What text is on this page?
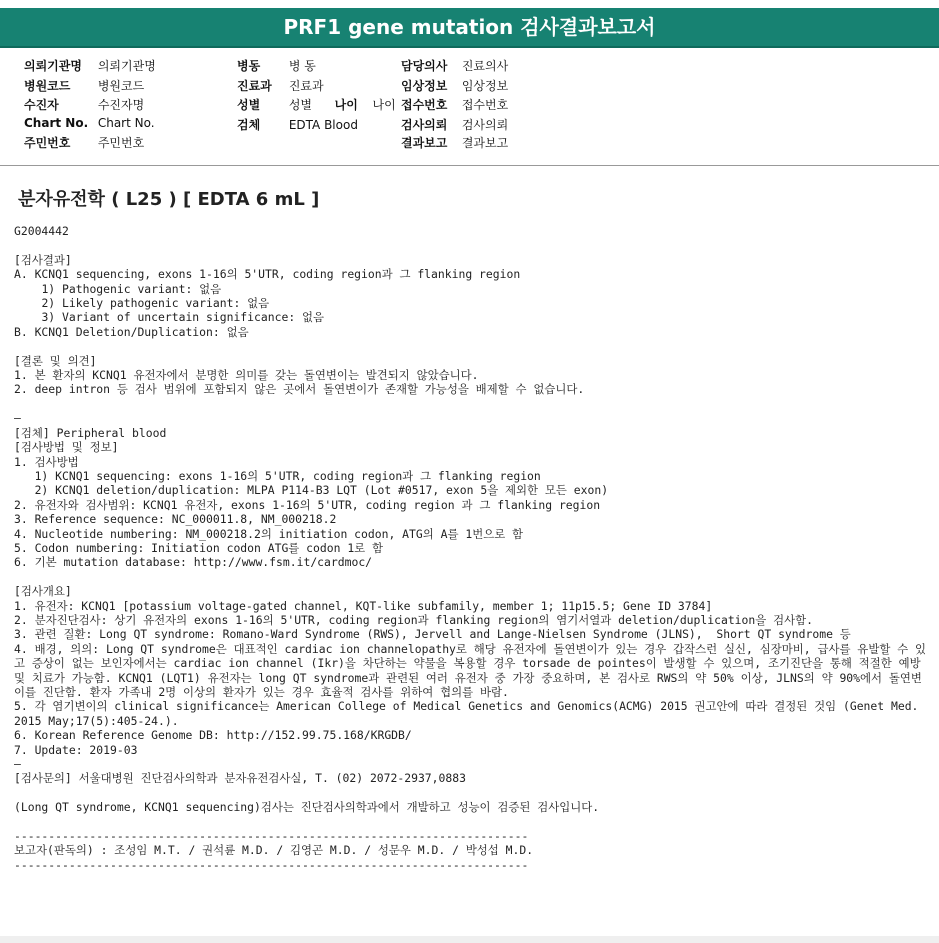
PRF1 gene mutation 검사결과보고서
의뢰기관명 의뢰기관명
병원코드 병원코드
수진자	수진자명
Chart No. Chart No.
주민번호 주민번호
병동 병 동
진료과 진료과
성별 성별 나이 나이
검체 EDTA Blood
담당의사 진료의사
임상정보 임상정보
접수번호 접수번호
검사의뢰 검사의뢰
결과보고 결과보고
분자유전학 ( L25 ) [ EDTA 6 mL ]
G2004442

[검사결과]
A. KCNQ1 sequencing, exons 1-16의 5'UTR, coding region과 그 flanking region
1) Pathogenic variant: 없음
2) Likely pathogenic variant: 없음
3) Variant of uncertain significance: 없음
B. KCNQ1 Deletion/Duplication: 없음

[결론 및 의견]
1. 본 환자의 KCNQ1 유전자에서 분명한 의미를 갖는 돌연변이는 발견되지 않았습니다.
2. deep intron 등 검사 범위에 포함되지 않은 곳에서 돌연변이가 존재할 가능성을 배제할 수 없습니다.

—
[검체] Peripheral blood
[검사방법 및 정보]
1. 검사방법
1) KCNQ1 sequencing: exons 1-16의 5'UTR, coding region과 그 flanking region
2) KCNQ1 deletion/duplication: MLPA P114-B3 LQT (Lot #0517, exon 5을 제외한 모든 exon)
2. 유전자와 검사범위: KCNQ1 유전자, exons 1-16의 5'UTR, coding region 과 그 flanking region
3. Reference sequence: NC_000011.8, NM_000218.2
4. Nucleotide numbering: NM_000218.2의 initiation codon, ATG의 A를 1번으로 함
5. Codon numbering: Initiation codon ATG를 codon 1로 함
6. 기본 mutation database: http://www.fsm.it/cardmoc/

[검사개요]
1. 유전자: KCNQ1 [potassium voltage-gated channel, KQT-like subfamily, member 1; 11p15.5; Gene ID 3784]
2. 분자진단검사: 상기 유전자의 exons 1-16의 5'UTR, coding region과 flanking region의 염기서열과 deletion/duplication을 검사함.
3. 관련 질환: Long QT syndrome: Romano-Ward Syndrome (RWS), Jervell and Lange-Nielsen Syndrome (JLNS),  Short QT syndrome 등
4. 배경, 의의: Long QT syndrome은 대표적인 cardiac ion channelopathy로 해당 유전자에 돌연변이가 있는 경우 갑작스런 실신, 심장마비, 급사를 유발할 수 있고 증상이 없는 보인자에서는 cardiac ion channel (Ikr)을 차단하는 약물을 복용할 경우 torsade de pointes이 발생할 수 있으며, 조기진단을 통해 적절한 예방 및 치료가 가능함. KCNQ1 (LQT1) 유전자는 long QT syndrome과 관련된 여러 유전자 중 가장 중요하며, 본 검사로 RWS의 약 50% 이상, JLNS의 약 90%에서 돌연변이를 진단함. 환자 가족내 2명 이상의 환자가 있는 경우 효율적 검사를 위하여 협의를 바람.
5. 각 염기변이의 clinical significance는 American College of Medical Genetics and Genomics(ACMG) 2015 권고안에 따라 결정된 것임 (Genet Med. 2015 May;17(5):405-24.).
6. Korean Reference Genome DB: http://152.99.75.168/KRGDB/
7. Update: 2019-03
—
[검사문의] 서울대병원 진단검사의학과 분자유전검사실, T. (02) 2072-2937,0883

(Long QT syndrome, KCNQ1 sequencing)검사는 진단검사의학과에서 개발하고 성능이 검증된 검사입니다.

---------------------------------------------------------------------------
보고자(판독의) : 조성임 M.T. / 권석륜 M.D. / 김영곤 M.D. / 성문우 M.D. / 박성섭 M.D.
---------------------------------------------------------------------------
